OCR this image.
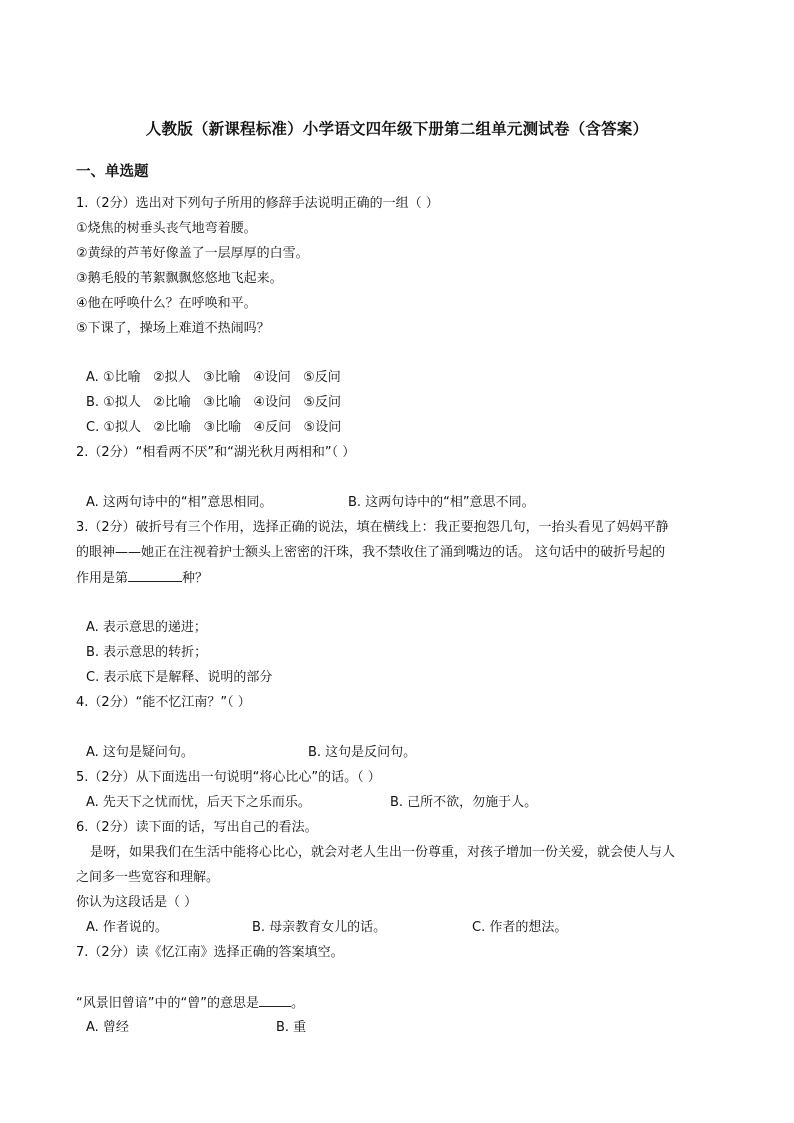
人教版（新课程标准）小学语文四年级下册第二组单元测试卷（含答案）
一、单选题
1.（2分）选出对下列句子所用的修辞手法说明正确的一组（ ）
①烧焦的树垂头丧气地弯着腰。
②黄绿的芦苇好像盖了一层厚厚的白雪。
③鹅毛般的苇絮飘飘悠悠地飞起来。
④他在呼唤什么？在呼唤和平。
⑤下课了，操场上难道不热闹吗？
A. ①比喻   ②拟人   ③比喻   ④设问   ⑤反问
B. ①拟人   ②比喻   ③比喻   ④设问   ⑤反问
C. ①拟人   ②比喻   ③比喻   ④反问   ⑤设问
2.（2分）“相看两不厌”和“湖光秋月两相和”（ ）
A. 这两句诗中的“相”意思相同。	B. 这两句诗中的“相”意思不同。
3.（2分）破折号有三个作用，选择正确的说法，填在横线上：我正要抱怨几句，一抬头看见了妈妈平静
的眼神——她正在注视着护士额头上密密的汗珠，我不禁收住了涌到嘴边的话。 这句话中的破折号起的
作用是第	种？
A. 表示意思的递进；
B. 表示意思的转折；
C. 表示底下是解释、说明的部分
4.（2分）“能不忆江南？”（ ）
A. 这句是疑问句。	B. 这句是反问句。
5.（2分）从下面选出一句说明“将心比心”的话。（ ）
A. 先天下之忧而忧，后天下之乐而乐。	B. 己所不欲，勿施于人。
6.（2分）读下面的话，写出自己的看法。
是呀，如果我们在生活中能将心比心，就会对老人生出一份尊重，对孩子增加一份关爱，就会使人与人
之间多一些宽容和理解。
你认为这段话是（ ）
A. 作者说的。	B. 母亲教育女儿的话。	C. 作者的想法。
7.（2分）读《忆江南》选择正确的答案填空。
“风景旧曾谙”中的“曾”的意思是 。
A. 曾经	B. 重
